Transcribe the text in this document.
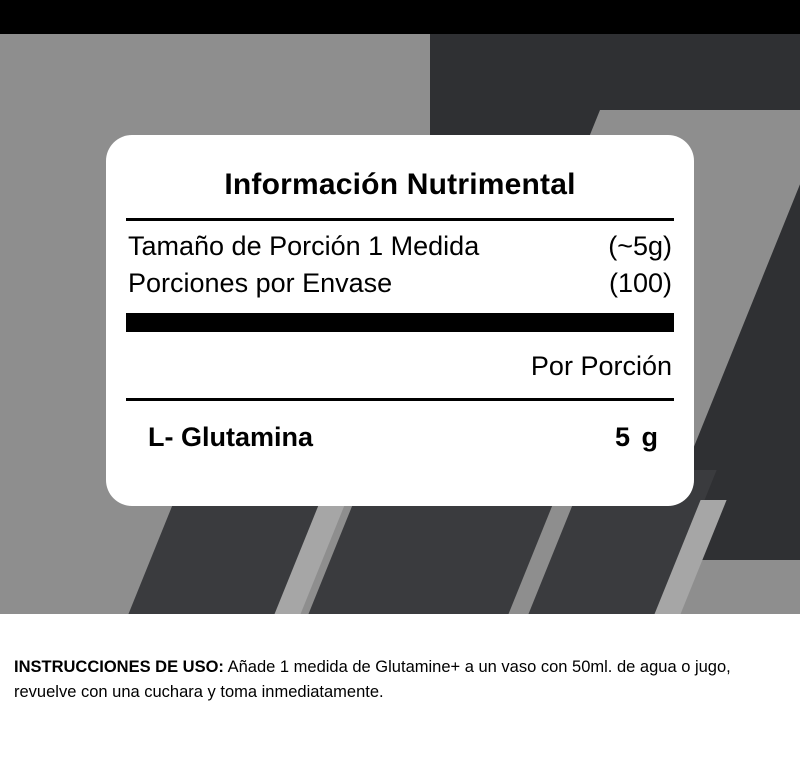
Información Nutrimental
Tamaño de Porción 1 Medida	(~5g)
Porciones por Envase	(100)
Por Porción
L- Glutamina	5 g
INSTRUCCIONES DE USO: Añade 1 medida de Glutamine+ a un vaso con 50ml. de agua o jugo, revuelve con una cuchara y toma inmediatamente.
